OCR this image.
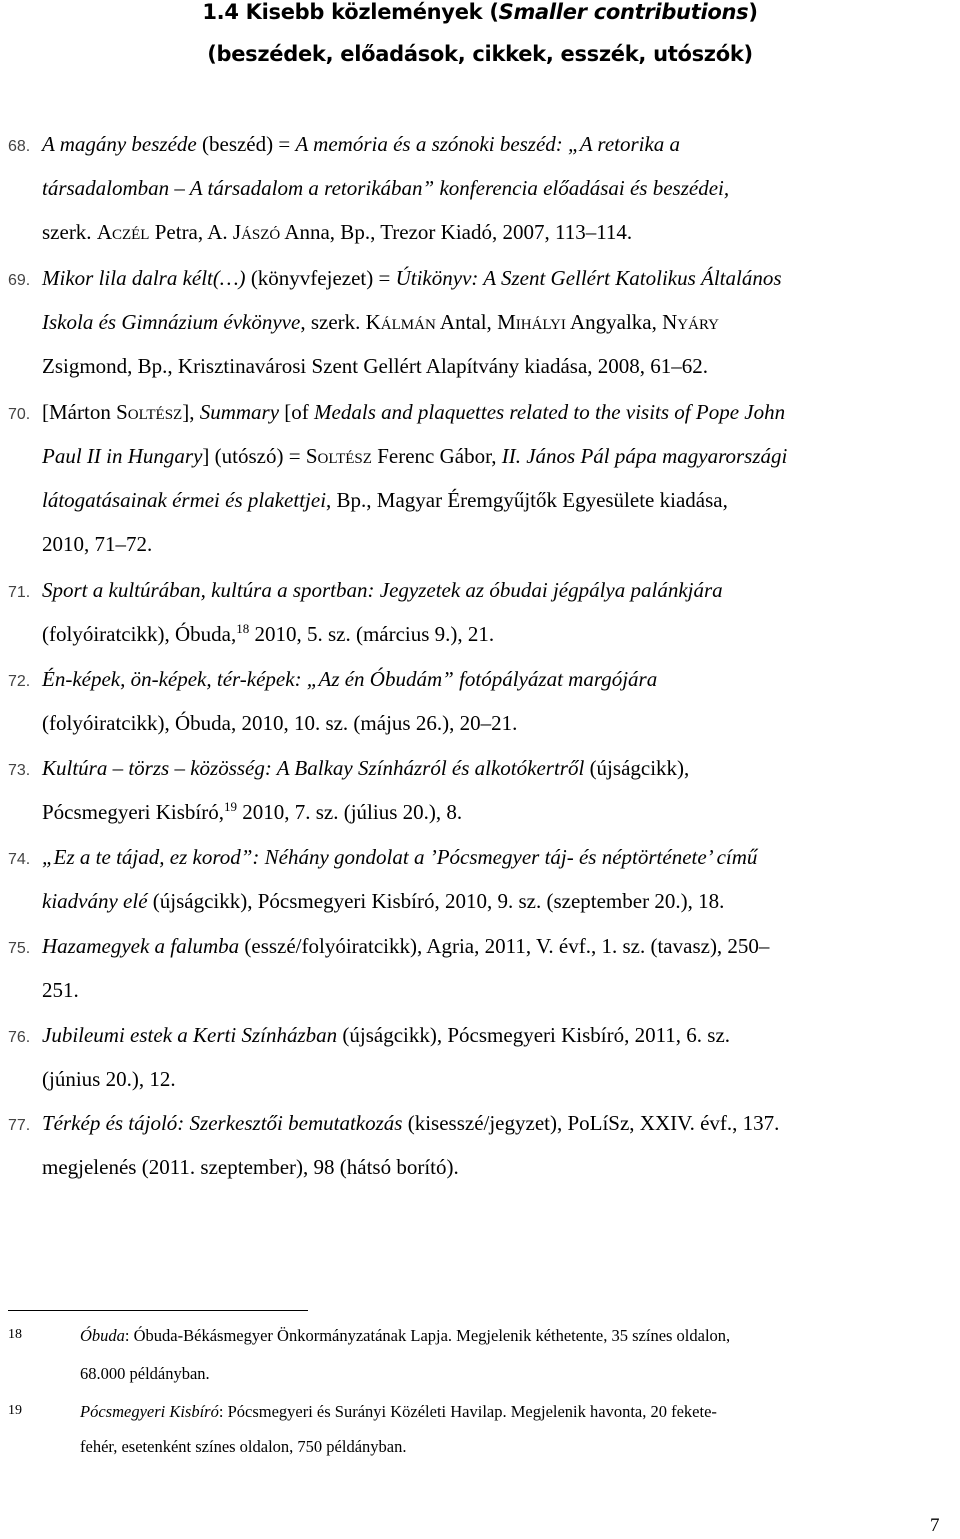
1.4 Kisebb közlemények (Smaller contributions)
(beszédek, előadások, cikkek, esszék, utószók)
68. A magány beszéde (beszéd) = A memória és a szónoki beszéd: „A retorika a
társadalomban – A társadalom a retorikában” konferencia előadásai és beszédei,
szerk. Aczél Petra, A. Jászó Anna, Bp., Trezor Kiadó, 2007, 113–114.
69. Mikor lila dalra kélt(…) (könyvfejezet) = Útikönyv: A Szent Gellért Katolikus Általános
Iskola és Gimnázium évkönyve, szerk. Kálmán Antal, Mihályi Angyalka, Nyáry
Zsigmond, Bp., Krisztinavárosi Szent Gellért Alapítvány kiadása, 2008, 61–62.
70. [Márton Soltész], Summary [of Medals and plaquettes related to the visits of Pope John
Paul II in Hungary] (utószó) = Soltész Ferenc Gábor, II. János Pál pápa magyarországi
látogatásainak érmei és plakettjei, Bp., Magyar Éremgyűjtők Egyesülete kiadása,
2010, 71–72.
71. Sport a kultúrában, kultúra a sportban: Jegyzetek az óbudai jégpálya palánkjára
(folyóiratcikk), Óbuda,$^{18}$ 2010, 5. sz. (március 9.), 21.
72. Én-képek, ön-képek, tér-képek: „Az én Óbudám” fotópályázat margójára
(folyóiratcikk), Óbuda, 2010, 10. sz. (május 26.), 20–21.
73. Kultúra – törzs – közösség: A Balkay Színházról és alkotókertről (újságcikk),
Pócsmegyeri Kisbíró,$^{19}$ 2010, 7. sz. (július 20.), 8.
74. „Ez a te tájad, ez korod”: Néhány gondolat a ’Pócsmegyer táj- és néptörténete’ című
kiadvány elé (újságcikk), Pócsmegyeri Kisbíró, 2010, 9. sz. (szeptember 20.), 18.
75. Hazamegyek a falumba (esszé/folyóiratcikk), Agria, 2011, V. évf., 1. sz. (tavasz), 250–
251.
76. Jubileumi estek a Kerti Színházban (újságcikk), Pócsmegyeri Kisbíró, 2011, 6. sz.
(június 20.), 12.
77. Térkép és tájoló: Szerkesztői bemutatkozás (kisesszé/jegyzet), PoLíSz, XXIV. évf., 137.
megjelenés (2011. szeptember), 98 (hátsó borító).
18	Óbuda: Óbuda-Békásmegyer Önkormányzatának Lapja. Megjelenik kéthetente, 35 színes oldalon,
68.000 példányban.
19	Pócsmegyeri Kisbíró: Pócsmegyeri és Surányi Közéleti Havilap. Megjelenik havonta, 20 fekete-
fehér, esetenként színes oldalon, 750 példányban.
7
